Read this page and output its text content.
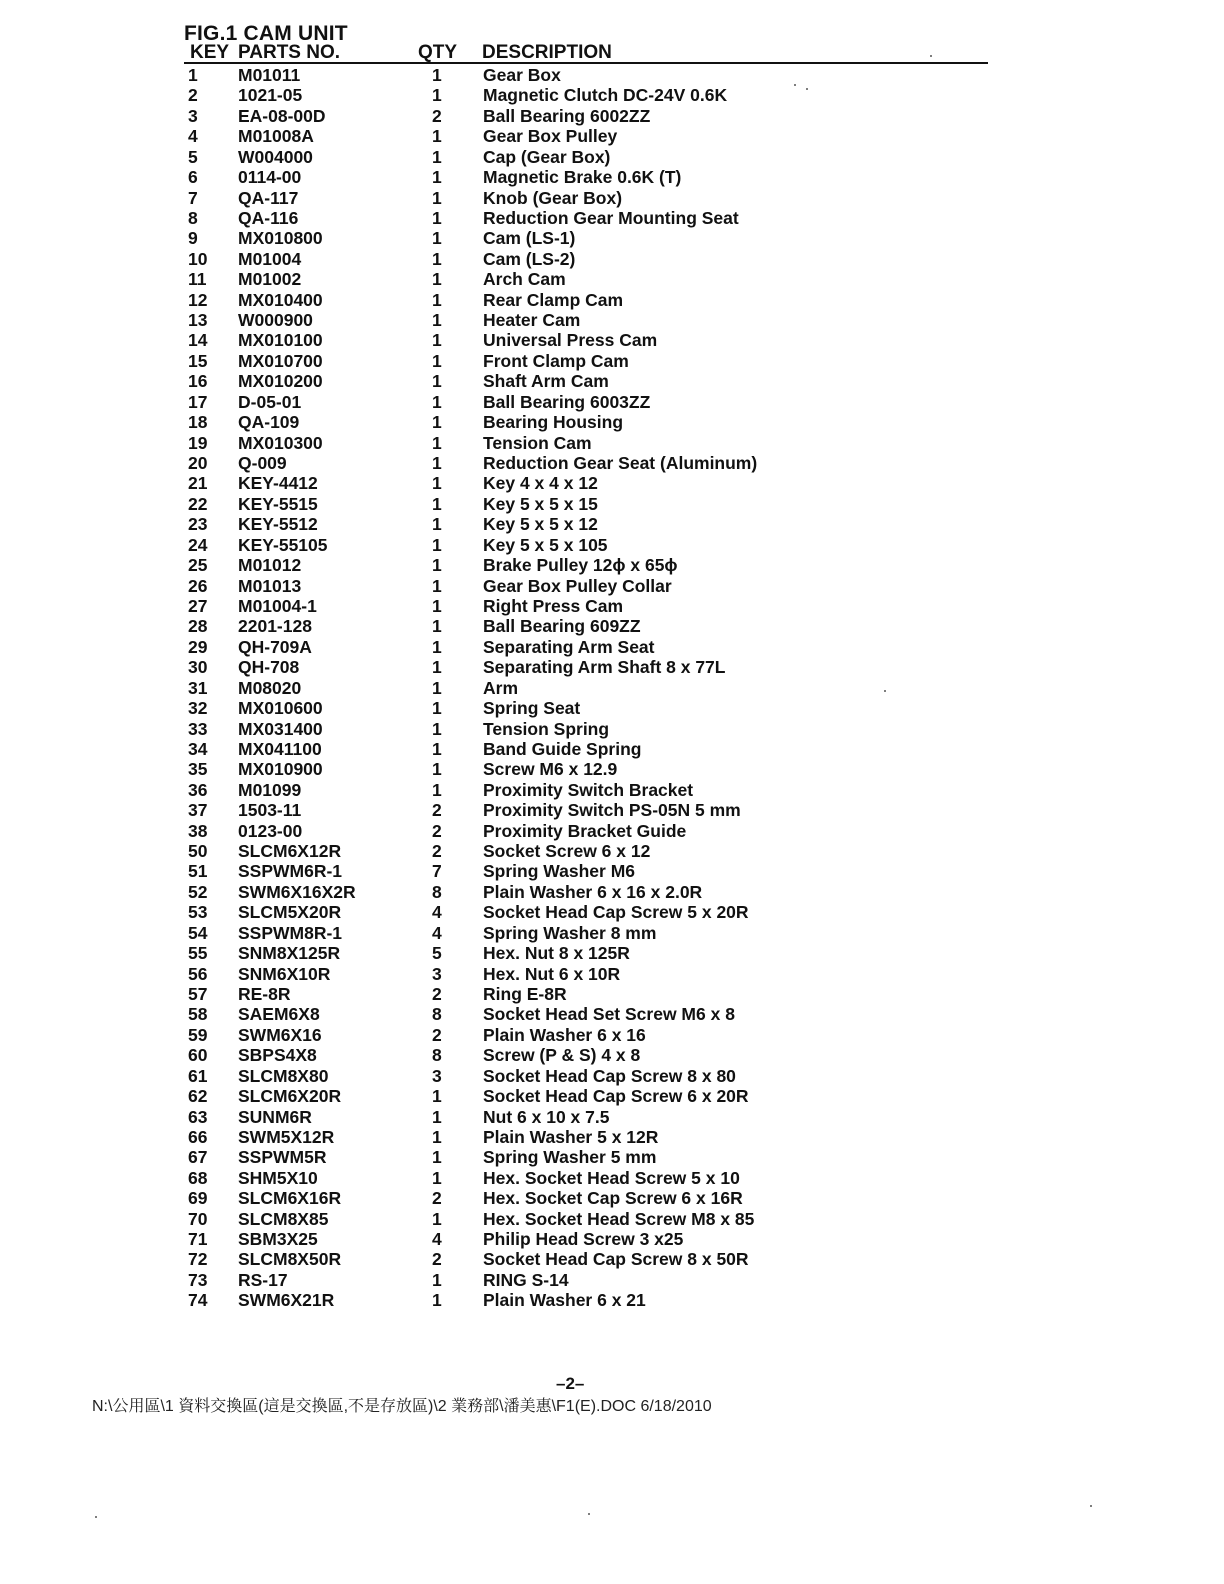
FIG.1 CAM UNIT
KEY PARTS NO.	QTY DESCRIPTION
1	M01011	1 Gear Box
2	1021-05	1 Magnetic Clutch DC-24V 0.6K
3	EA-08-00D	2 Ball Bearing 6002ZZ
4	M01008A	1 Gear Box Pulley
5	W004000	1 Cap (Gear Box)
6	0114-00	1 Magnetic Brake 0.6K (T)
7	QA-117	1 Knob (Gear Box)
8	QA-116	1 Reduction Gear Mounting Seat
9	MX010800	1 Cam (LS-1)
10	M01004	1 Cam (LS-2)
11	M01002	1 Arch Cam
12	MX010400	1 Rear Clamp Cam
13	W000900	1 Heater Cam
14	MX010100	1 Universal Press Cam
15	MX010700	1 Front Clamp Cam
16	MX010200	1 Shaft Arm Cam
17	D-05-01	1 Ball Bearing 6003ZZ
18	QA-109	1 Bearing Housing
19	MX010300	1 Tension Cam
20	Q-009	1 Reduction Gear Seat (Aluminum)
21	KEY-4412	1 Key 4 x 4 x 12
22	KEY-5515	1 Key 5 x 5 x 15
23	KEY-5512	1 Key 5 x 5 x 12
24	KEY-55105	1 Key 5 x 5 x 105
25	M01012	1 Brake Pulley 12ϕ x 65ϕ
26	M01013	1 Gear Box Pulley Collar
27	M01004-1	1 Right Press Cam
28	2201-128	1 Ball Bearing 609ZZ
29	QH-709A	1 Separating Arm Seat
30	QH-708	1 Separating Arm Shaft 8 x 77L
31	M08020	1 Arm
32	MX010600	1 Spring Seat
33	MX031400	1 Tension Spring
34	MX041100	1 Band Guide Spring
35	MX010900	1 Screw M6 x 12.9
36	M01099	1 Proximity Switch Bracket
37	1503-11	2 Proximity Switch PS-05N 5 mm
38	0123-00	2 Proximity Bracket Guide
50	SLCM6X12R	2 Socket Screw 6 x 12
51	SSPWM6R-1	7 Spring Washer M6
52	SWM6X16X2R	8 Plain Washer 6 x 16 x 2.0R
53	SLCM5X20R	4 Socket Head Cap Screw 5 x 20R
54	SSPWM8R-1	4 Spring Washer 8 mm
55	SNM8X125R	5 Hex. Nut 8 x 125R
56	SNM6X10R	3 Hex. Nut 6 x 10R
57	RE-8R	2 Ring E-8R
58	SAEM6X8	8 Socket Head Set Screw M6 x 8
59	SWM6X16	2 Plain Washer 6 x 16
60	SBPS4X8	8 Screw (P & S) 4 x 8
61	SLCM8X80	3 Socket Head Cap Screw 8 x 80
62	SLCM6X20R	1 Socket Head Cap Screw 6 x 20R
63	SUNM6R	1 Nut 6 x 10 x 7.5
66	SWM5X12R	1 Plain Washer 5 x 12R
67	SSPWM5R	1 Spring Washer 5 mm
68	SHM5X10	1 Hex. Socket Head Screw 5 x 10
69	SLCM6X16R	2 Hex. Socket Cap Screw 6 x 16R
70	SLCM8X85	1 Hex. Socket Head Screw M8 x 85
71	SBM3X25	4 Philip Head Screw 3 x25
72	SLCM8X50R	2 Socket Head Cap Screw 8 x 50R
73	RS-17	1 RING S-14
74	SWM6X21R	1 Plain Washer 6 x 21
–2–
N:\公用區\1 資料交換區(這是交換區,不是存放區)\2 業務部\潘美惠\F1(E).DOC 6/18/2010
